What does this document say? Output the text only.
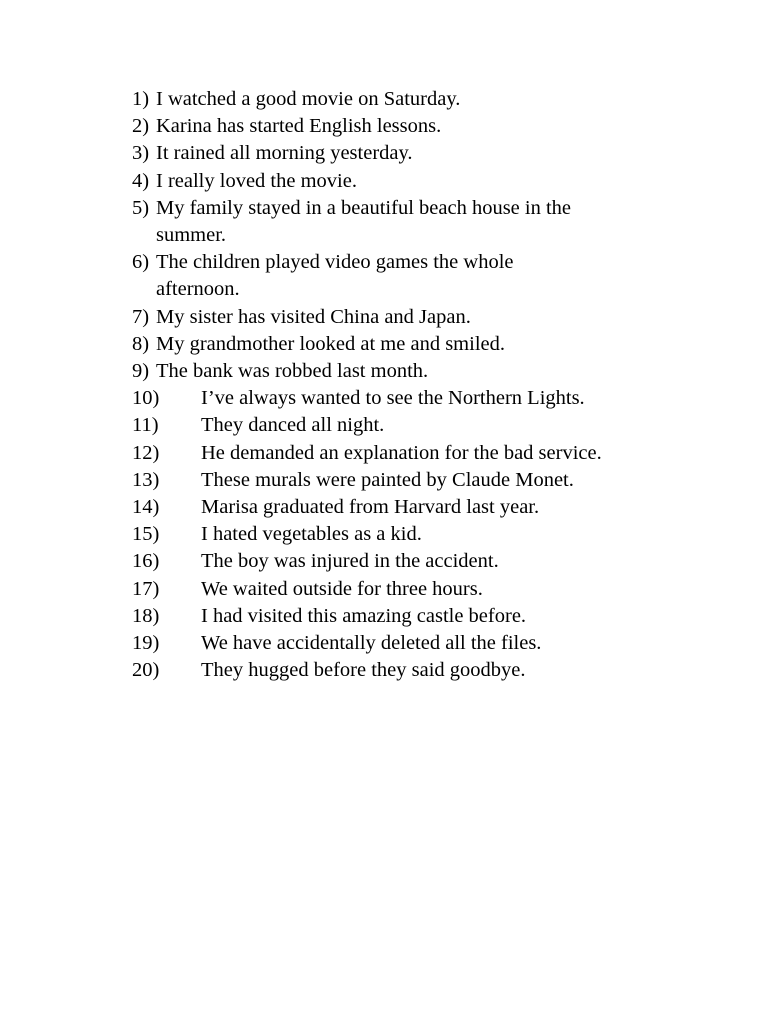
1) I watched a good movie on Saturday.
2) Karina has started English lessons.
3) It rained all morning yesterday.
4) I really loved the movie.
5) My family stayed in a beautiful beach house in the summer.
6) The children played video games the whole afternoon.
7) My sister has visited China and Japan.
8) My grandmother looked at me and smiled.
9) The bank was robbed last month.
10)	I’ve always wanted to see the Northern Lights.
11)	They danced all night.
12)	He demanded an explanation for the bad service.
13)	These murals were painted by Claude Monet.
14)	Marisa graduated from Harvard last year.
15)	I hated vegetables as a kid.
16)	The boy was injured in the accident.
17)	We waited outside for three hours.
18)	I had visited this amazing castle before.
19)	We have accidentally deleted all the files.
20)	They hugged before they said goodbye.
